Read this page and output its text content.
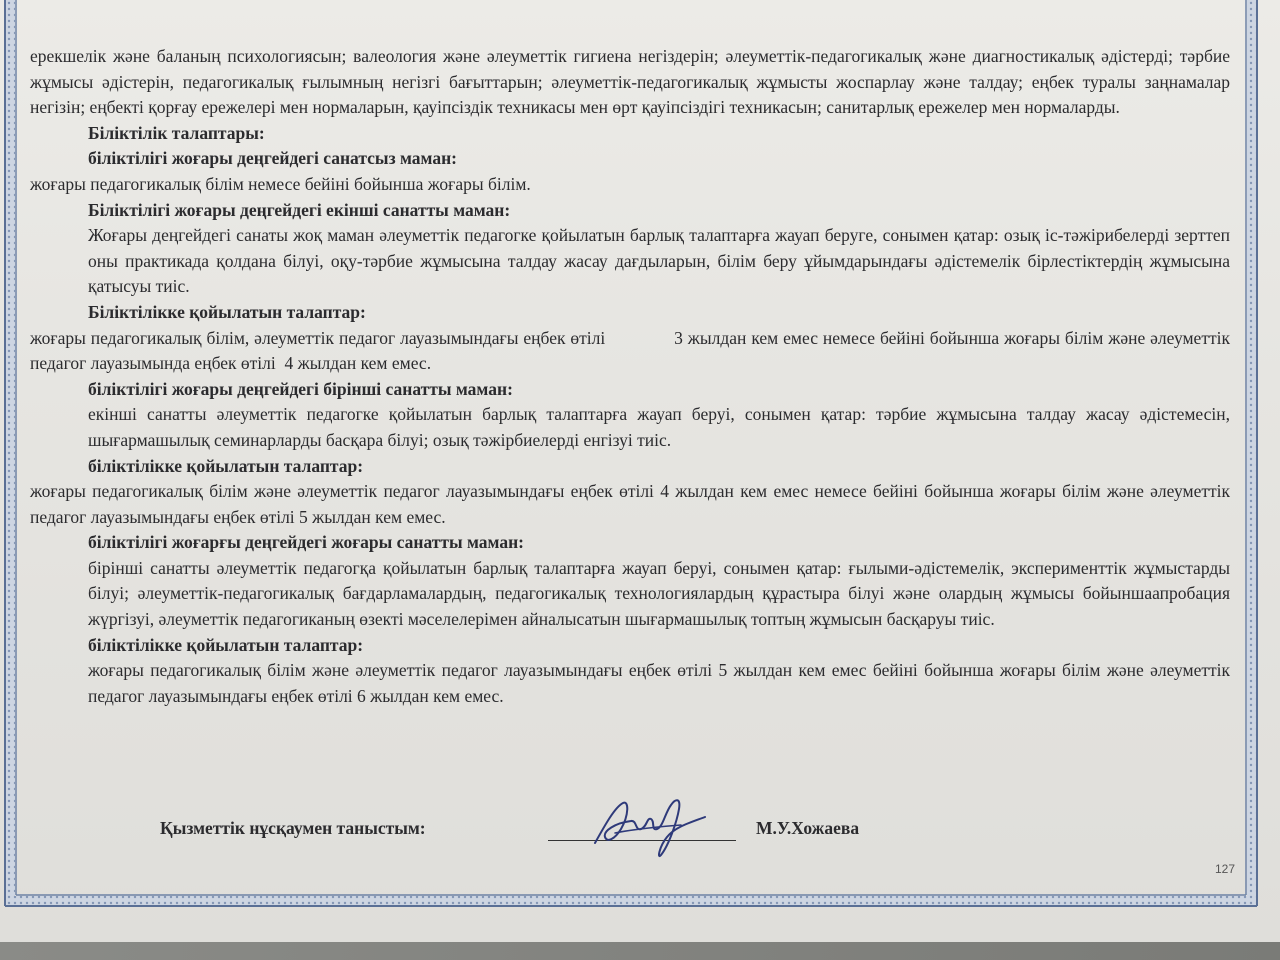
ерекшелік және баланың психологиясын; валеология және әлеуметтік гигиена негіздерін; әлеуметтік-педагогикалық және диагностикалық әдістерді; тәрбие жұмысы әдістерін, педагогикалық ғылымның негізгі бағыттарын; әлеуметтік-педагогикалық жұмысты жоспарлау және талдау; еңбек туралы заңнамалар негізін; еңбекті қорғау ережелері мен нормаларын, қауіпсіздік техникасы мен өрт қауіпсіздігі техникасын; санитарлық ережелер мен нормаларды.

Біліктілік талаптары:

біліктілігі жоғары деңгейдегі санатсыз маман:

жоғары педагогикалық білім немесе бейіні бойынша жоғары білім.

Біліктілігі жоғары деңгейдегі екінші санатты маман:

Жоғары деңгейдегі санаты жоқ маман әлеуметтік педагогке қойылатын барлық талаптарға жауап беруге, сонымен қатар: озық іс-тәжірибелерді зерттеп оны практикада қолдана білуі, оқу-тәрбие жұмысына талдау жасау дағдыларын, білім беру ұйымдарындағы әдістемелік бірлестіктердің жұмысына қатысуы тиіс.

Біліктілікке қойылатын талаптар:

жоғары педагогикалық білім, әлеуметтік педагог лауазымындағы еңбек өтілі              3 жылдан кем емес немесе бейіні бойынша жоғары білім және әлеуметтік педагог лауазымында еңбек өтілі  4 жылдан кем емес.

біліктілігі жоғары деңгейдегі бірінші санатты маман:

екінші санатты әлеуметтік педагогке қойылатын барлық талаптарға жауап беруі, сонымен қатар: тәрбие жұмысына талдау жасау әдістемесін, шығармашылық семинарларды басқара білуі; озық тәжірбиелерді енгізуі тиіс.

біліктілікке қойылатын талаптар:

жоғары педагогикалық білім және әлеуметтік педагог лауазымындағы еңбек өтілі 4 жылдан кем емес немесе бейіні бойынша жоғары білім және әлеуметтік педагог лауазымындағы еңбек өтілі 5 жылдан кем емес.

біліктілігі жоғарғы деңгейдегі жоғары санатты маман:

бірінші санатты әлеуметтік педагогқа қойылатын барлық талаптарға жауап беруі, сонымен қатар: ғылыми-әдістемелік, эксперименттік жұмыстарды білуі; әлеуметтік-педагогикалық бағдарламалардың, педагогикалық технологиялардың құрастыра білуі және олардың жұмысы бойыншаапробация жүргізуі, әлеуметтік педагогиканың өзекті мәселелерімен айналысатын шығармашылық топтың жұмысын басқаруы тиіс.

біліктілікке қойылатын талаптар:

жоғары педагогикалық білім және әлеуметтік педагог лауазымындағы еңбек өтілі 5 жылдан кем емес бейіні бойынша жоғары білім және әлеуметтік педагог лауазымындағы еңбек өтілі 6 жылдан кем емес.

Қызметтік нұсқаумен таныстым:	М.У.Хожаева
127
